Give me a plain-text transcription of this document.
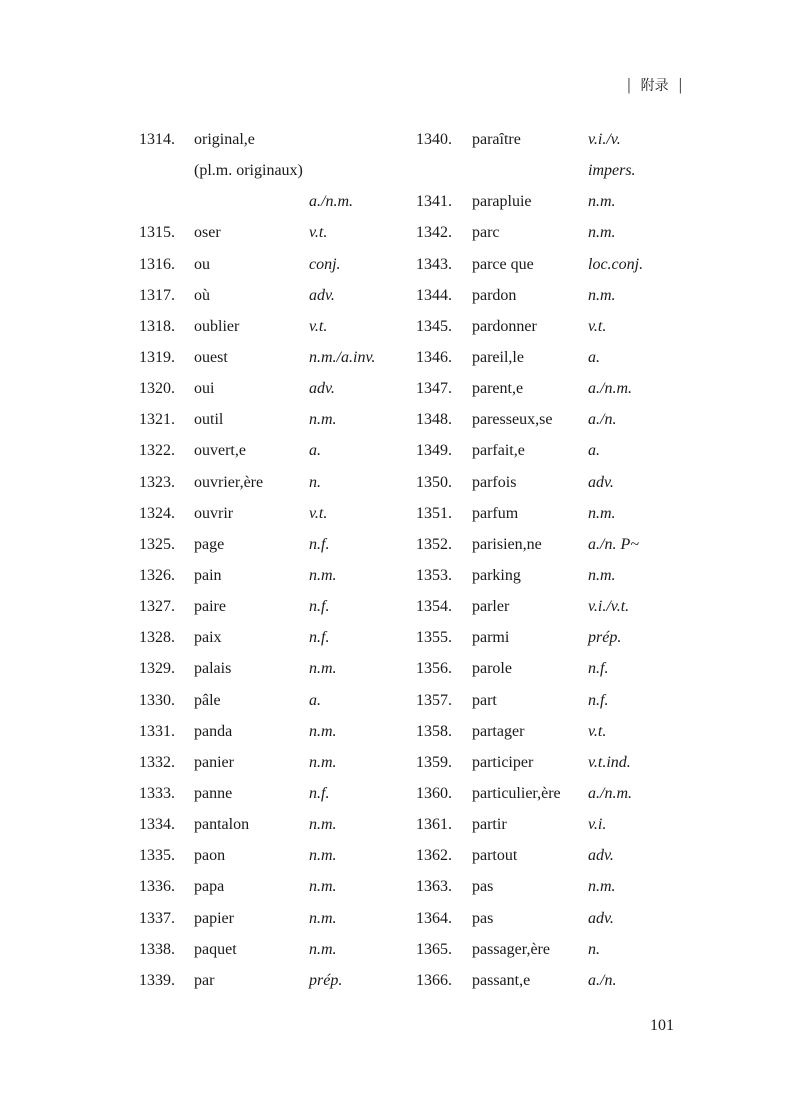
| 附录 |
1314. original,e
(pl.m. originaux)
a./n.m.
1315. oser	v.t.
1316. ou	conj.
1317. où	adv.
1318. oublier	v.t.
1319. ouest	n.m./a.inv.
1320. oui	adv.
1321. outil	n.m.
1322. ouvert,e	a.
1323. ouvrier,ère	n.
1324. ouvrir	v.t.
1325. page	n.f.
1326. pain	n.m.
1327. paire	n.f.
1328. paix	n.f.
1329. palais	n.m.
1330. pâle	a.
1331. panda	n.m.
1332. panier	n.m.
1333. panne	n.f.
1334. pantalon	n.m.
1335. paon	n.m.
1336. papa	n.m.
1337. papier	n.m.
1338. paquet	n.m.
1339. par	prép.
1340. paraître	v.i./v.
impers.
1341. parapluie	n.m.
1342. parc	n.m.
1343. parce que	loc.conj.
1344. pardon	n.m.
1345. pardonner	v.t.
1346. pareil,le	a.
1347. parent,e	a./n.m.
1348. paresseux,se a./n.
1349. parfait,e	a.
1350. parfois	adv.
1351. parfum	n.m.
1352. parisien,ne	a./n. P~
1353. parking	n.m.
1354. parler	v.i./v.t.
1355. parmi	prép.
1356. parole	n.f.
1357. part	n.f.
1358. partager	v.t.
1359. participer	v.t.ind.
1360. particulier,ère a./n.m.
1361. partir	v.i.
1362. partout	adv.
1363. pas	n.m.
1364. pas	adv.
1365. passager,ère n.
1366. passant,e	a./n.
101
